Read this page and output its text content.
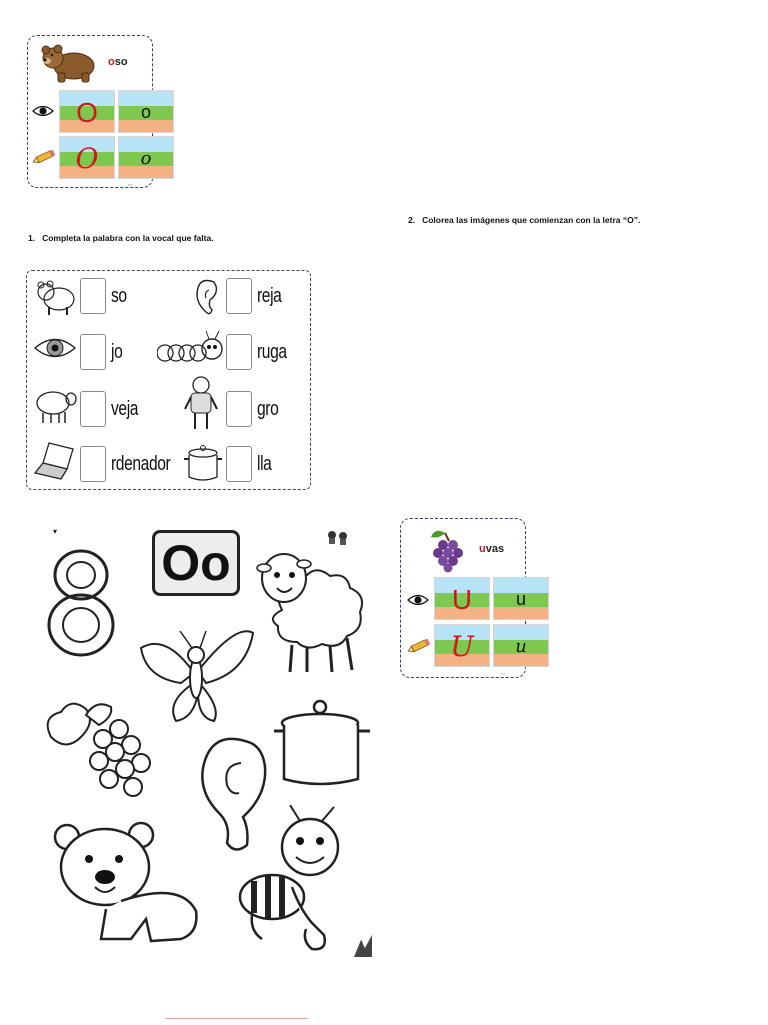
oso
O o
O o
▪▪▪
2. Colorea las imágenes que comienzan con la letra “O”.
1. Completa la palabra con la vocal que falta.
so	reja
jo	ruga
veja	gro
rdenador	lla
▾
Oo	uvas
U u
U u
▪▪▪
